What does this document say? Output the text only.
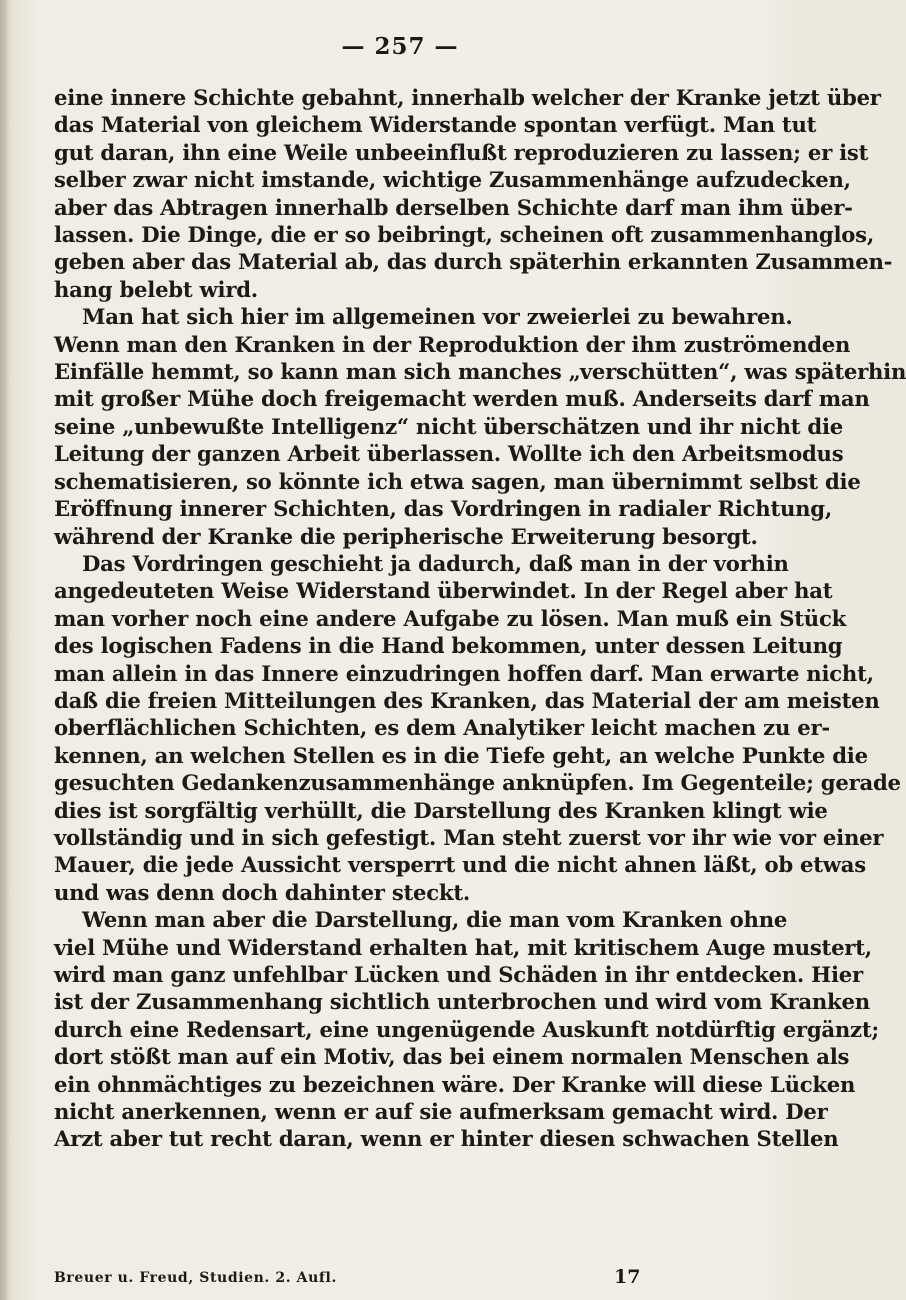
— 257 —

eine innere Schichte gebahnt, innerhalb welcher der Kranke jetzt über
das Material von gleichem Widerstande spontan verfügt. Man tut
gut daran, ihn eine Weile unbeeinflußt reproduzieren zu lassen; er ist
selber zwar nicht imstande, wichtige Zusammenhänge aufzudecken,
aber das Abtragen innerhalb derselben Schichte darf man ihm über-
lassen. Die Dinge, die er so beibringt, scheinen oft zusammenhanglos,
geben aber das Material ab, das durch späterhin erkannten Zusammen-
hang belebt wird.

Man hat sich hier im allgemeinen vor zweierlei zu bewahren.
Wenn man den Kranken in der Reproduktion der ihm zuströmenden
Einfälle hemmt, so kann man sich manches „verschütten“, was späterhin
mit großer Mühe doch freigemacht werden muß. Anderseits darf man
seine „unbewußte Intelligenz“ nicht überschätzen und ihr nicht die
Leitung der ganzen Arbeit überlassen. Wollte ich den Arbeitsmodus
schematisieren, so könnte ich etwa sagen, man übernimmt selbst die
Eröffnung innerer Schichten, das Vordringen in radialer Richtung,
während der Kranke die peripherische Erweiterung besorgt.

Das Vordringen geschieht ja dadurch, daß man in der vorhin
angedeuteten Weise Widerstand überwindet. In der Regel aber hat
man vorher noch eine andere Aufgabe zu lösen. Man muß ein Stück
des logischen Fadens in die Hand bekommen, unter dessen Leitung
man allein in das Innere einzudringen hoffen darf. Man erwarte nicht,
daß die freien Mitteilungen des Kranken, das Material der am meisten
oberflächlichen Schichten, es dem Analytiker leicht machen zu er-
kennen, an welchen Stellen es in die Tiefe geht, an welche Punkte die
gesuchten Gedankenzusammenhänge anknüpfen. Im Gegenteile; gerade
dies ist sorgfältig verhüllt, die Darstellung des Kranken klingt wie
vollständig und in sich gefestigt. Man steht zuerst vor ihr wie vor einer
Mauer, die jede Aussicht versperrt und die nicht ahnen läßt, ob etwas
und was denn doch dahinter steckt.

Wenn man aber die Darstellung, die man vom Kranken ohne
viel Mühe und Widerstand erhalten hat, mit kritischem Auge mustert,
wird man ganz unfehlbar Lücken und Schäden in ihr entdecken. Hier
ist der Zusammenhang sichtlich unterbrochen und wird vom Kranken
durch eine Redensart, eine ungenügende Auskunft notdürftig ergänzt;
dort stößt man auf ein Motiv, das bei einem normalen Menschen als
ein ohnmächtiges zu bezeichnen wäre. Der Kranke will diese Lücken
nicht anerkennen, wenn er auf sie aufmerksam gemacht wird. Der
Arzt aber tut recht daran, wenn er hinter diesen schwachen Stellen

Breuer u. Freud, Studien. 2. Aufl.	17
